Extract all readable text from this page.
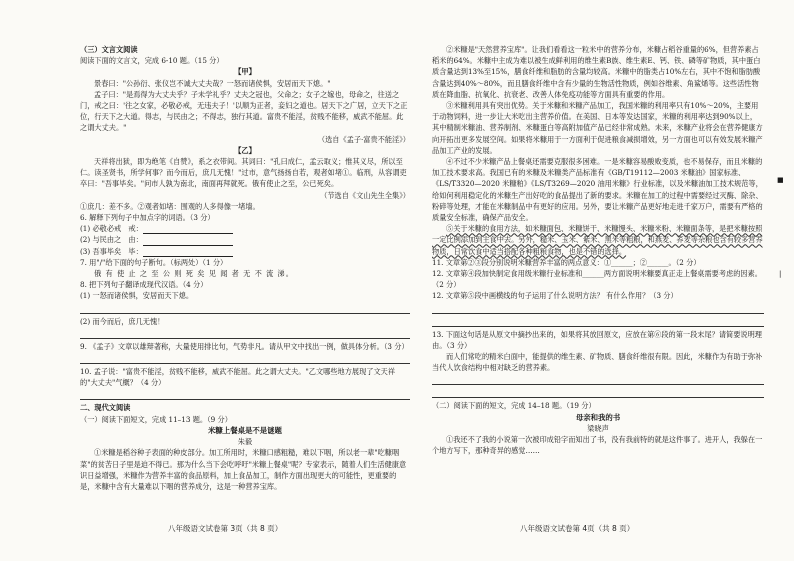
（三）文言文阅读

阅读下面的文言文，完成 6-10 题。（15 分）

【甲】

景春曰："公孙衍、张仪岂不诚大丈夫哉？一怒而诸侯惧，安居而天下熄。"

孟子曰："是焉得为大丈夫乎？子未学礼乎？丈夫之冠也，父命之；女子之嫁也，母命之，往送之门，戒之曰：'往之女家，必敬必戒，无违夫子！'以顺为正者，妾妇之道也。居天下之广居，立天下之正位，行天下之大道。得志，与民由之；不得志，独行其道。富贵不能淫，贫贱不能移，威武不能屈。此之谓大丈夫。"

（选自《孟子·富贵不能淫》）

【乙】

天祥将出狱，即为绝笔《自赞》，系之衣带间。其词曰："孔曰成仁，孟云取义；惟其义尽，所以至仁。读圣贤书，所学何事？而今而后，庶几无愧！"过市，意气扬扬自若，观者如堵①。临刑，从容谓吏卒曰："吾事毕矣。"问市人孰为南北，南面再拜就死。俄有使止之至，公已死矣。

（节选自《文山先生全集》）

①庶几：差不多。②观者如堵：围观的人多得像一堵墙。

6. 解释下列句子中加点字的词语。（3 分）

(1) 必敬必戒　戒：

(2) 与民由之　由：

(3) 吾事毕矣　毕：

7. 用"/"给下面的句子断句。（标两处）（1 分）

俄 有 使 止 之 至 公 则 死 矣 见 闻 者 无 不 流 涕。

8. 把下列句子翻译成现代汉语。（4 分）

(1) 一怒而诸侯惧，安居而天下熄。

(2) 而今而后，庶几无愧！

9. 《孟子》文章以雄辩著称，大量使用排比句，气势非凡。请从甲文中找出一例，做具体分析。（3 分）

10. 孟子说："富贵不能淫，贫贱不能移，威武不能屈。此之谓大丈夫。"乙文哪些地方展现了文天祥的"大丈夫"气概？（4 分）

二、现代文阅读

（一）阅读下面短文，完成 11–13 题。（9 分）

米糠上餐桌是不是谜题

朱毅

①米糠是稻谷种子表面的种皮部分。加工所用时，米糠口感粗糙，难以下咽，所以老一辈"吃糠咽菜"的贫苦日子里是迫不得已。那为什么当下会吃呼吁"米糠上餐桌"呢？专家表示，随着人们生活健康意识日益增强，米糠作为营养丰富的食品原料，加上食品加工，制作方面出现更大的可能性，更重要的是，米糠中含有大量难以下咽的营养成分，这是一种营养宝库。

八年级语文试卷第 3页（共 8 页）

②米糠是"天然营养宝库"。让我们看看这一粒米中的营养分布，米糠占稻谷重量的6%，但营养素占稻米的64%。米糠中主成为难以被生成鲜利用的维生素B族、维生素E、钙、铁、磷等矿物质，其中蛋白质含量达到13%至15%，膳食纤维和脂肪的含量均较高。米糠中的脂类占10%左右，其中不饱和脂肪酸含量达到40%～80%，而且膳食纤维中含有少量的生物活性物质，例如谷维素、角鲨烯等。这些活性物质在降血脂、抗氧化、抗衰老、改善人体免疫功能等方面具有重要的作用。

③米糠利用具有突出优势。关于米糠和米糠产品加工，我国米糠的利用率只有10%～20%，主要用于动物饲料，进一步让大米吃出主营养价值。在美国、日本等发达国家，米糠的利用率达到90%以上，其中精制米糠油、营养制剂、米糠蛋白等高附加值产品已经非常成熟。未来，米糠产业将会在营养健康方向开拓出更多发展空间。如果将米糠用于一方面利于促进粮食减损增效，另一方面也可以有效发展米糠产品加工产业的发展。

④不过不少米糠产品上餐桌还需要克服很多困难。一是米糠容易酸败变质，也不易保存，而且米糠的加工技术要求高。我国已有的米糠及米糠类产品标准有《GB/T19112—2003 米糠油》国家标准、《LS/T3320—2020 米糠粕》《LS/T3269—2020 油用米糠》行业标准，以及米糠油加工技术规范等，给如何利用稳定化的米糠生产出好吃的食品提出了新的要求。米糠在加工的过程中需要经过灭酶、除杂、粉碎等处理，才能在米糠制品中有更好的应用。另外，要让米糠产品更好地走进千家万户，需要有严格的质量安全标准，确保产品安全。

⑤关于米糠的食用方法，如米糠面包、米糠饼干、米糠馒头、米糠米粉、米糠面条等，是把米糠按照一定比例添加到主食中去。另外，糙米、玉米、紫米、黑米等粗粮，和燕麦、荞麦等杂粮也含有较多营养物质，日常饮食中适当搭配各种粗粮食物，也是不错的选择。

11. 文章第②③段分别说明米糠营养丰富的两点意义：①______；②______。（2 分）

12. 文章第④段加快制定食用级米糠行业标准和______两方面说明米糠要真正走上餐桌需要考虑的因素。（2 分）

12. 文章第⑤段中画横线的句子运用了什么说明方法？ 有什么作用？（3 分）

13. 下面这句话是从原文中摘抄出来的，如果将其放回原文，应放在第⑥段的第一段末尾？请简要说明理由。（3 分）

而人们常吃的精米白面中，能提供的维生素、矿物质、膳食纤维很有限。因此，米糠作为有助于弥补当代人饮食结构中相对缺乏的营养素。

（二）阅读下面的短文，完成 14–18 题。（19 分）

母亲和我的书

梁晓声

①我还不了我的小说第一次被印成铅字而知出了书，没有我前特的就是这件事了。进开人，我躲在一个地方写下，那种奇异的感觉……

八年级语文试卷第 4页（共 8 页）
■
|
